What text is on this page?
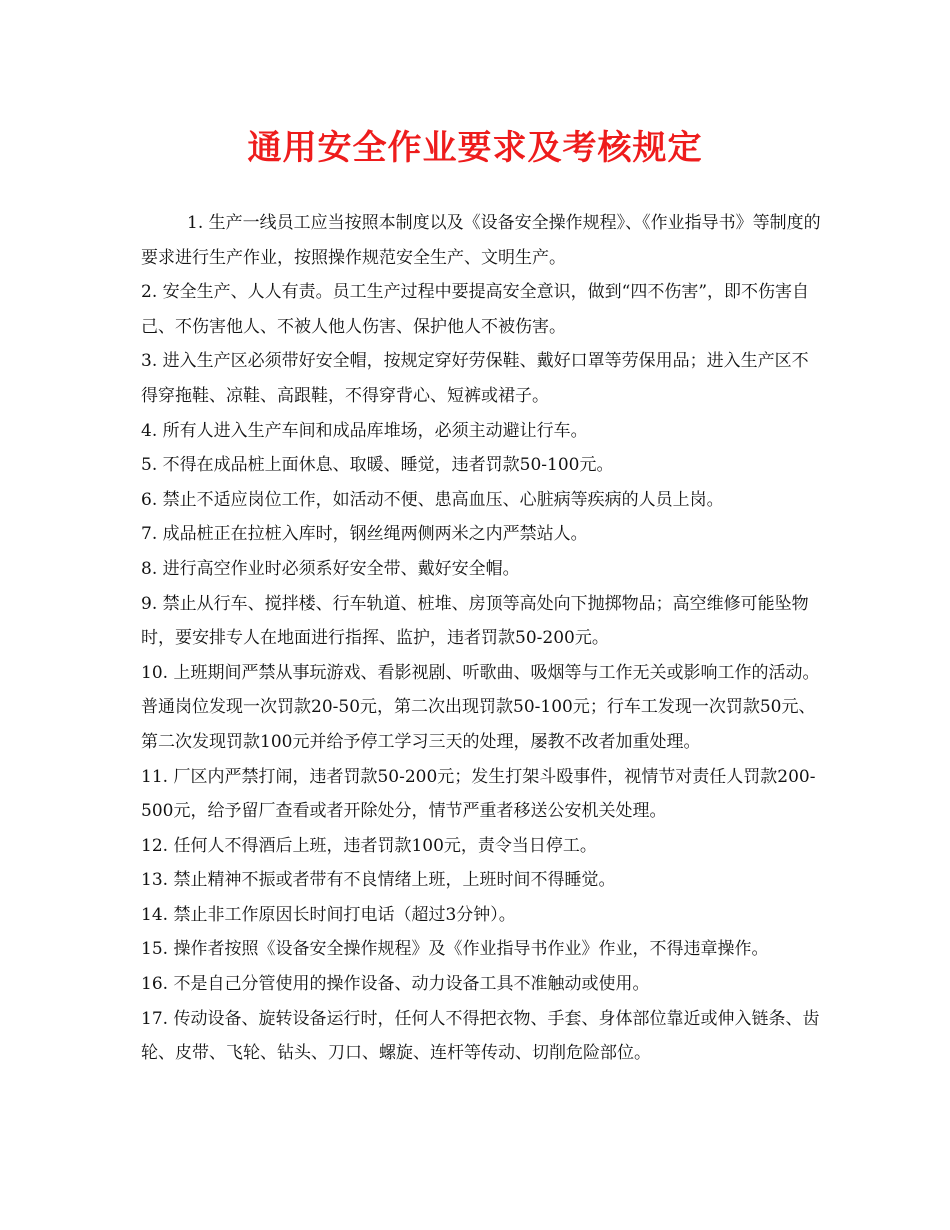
通用安全作业要求及考核规定

1. 生产一线员工应当按照本制度以及《设备安全操作规程》、《作业指导书》等制度的要求进行生产作业，按照操作规范安全生产、文明生产。

2. 安全生产、人人有责。员工生产过程中要提高安全意识，做到“四不伤害”，即不伤害自己、不伤害他人、不被人他人伤害、保护他人不被伤害。

3. 进入生产区必须带好安全帽，按规定穿好劳保鞋、戴好口罩等劳保用品；进入生产区不得穿拖鞋、凉鞋、高跟鞋，不得穿背心、短裤或裙子。

4. 所有人进入生产车间和成品库堆场，必须主动避让行车。

5. 不得在成品桩上面休息、取暖、睡觉，违者罚款50-100元。

6. 禁止不适应岗位工作，如活动不便、患高血压、心脏病等疾病的人员上岗。

7. 成品桩正在拉桩入库时，钢丝绳两侧两米之内严禁站人。

8. 进行高空作业时必须系好安全带、戴好安全帽。

9. 禁止从行车、搅拌楼、行车轨道、桩堆、房顶等高处向下抛掷物品；高空维修可能坠物时，要安排专人在地面进行指挥、监护，违者罚款50-200元。

10. 上班期间严禁从事玩游戏、看影视剧、听歌曲、吸烟等与工作无关或影响工作的活动。普通岗位发现一次罚款20-50元，第二次出现罚款50-100元；行车工发现一次罚款50元、第二次发现罚款100元并给予停工学习三天的处理，屡教不改者加重处理。

11. 厂区内严禁打闹，违者罚款50-200元；发生打架斗殴事件，视情节对责任人罚款200-500元，给予留厂查看或者开除处分，情节严重者移送公安机关处理。

12. 任何人不得酒后上班，违者罚款100元，责令当日停工。

13. 禁止精神不振或者带有不良情绪上班，上班时间不得睡觉。

14. 禁止非工作原因长时间打电话（超过3分钟）。

15. 操作者按照《设备安全操作规程》及《作业指导书作业》作业，不得违章操作。

16. 不是自己分管使用的操作设备、动力设备工具不准触动或使用。

17. 传动设备、旋转设备运行时，任何人不得把衣物、手套、身体部位靠近或伸入链条、齿轮、皮带、飞轮、钻头、刀口、螺旋、连杆等传动、切削危险部位。
